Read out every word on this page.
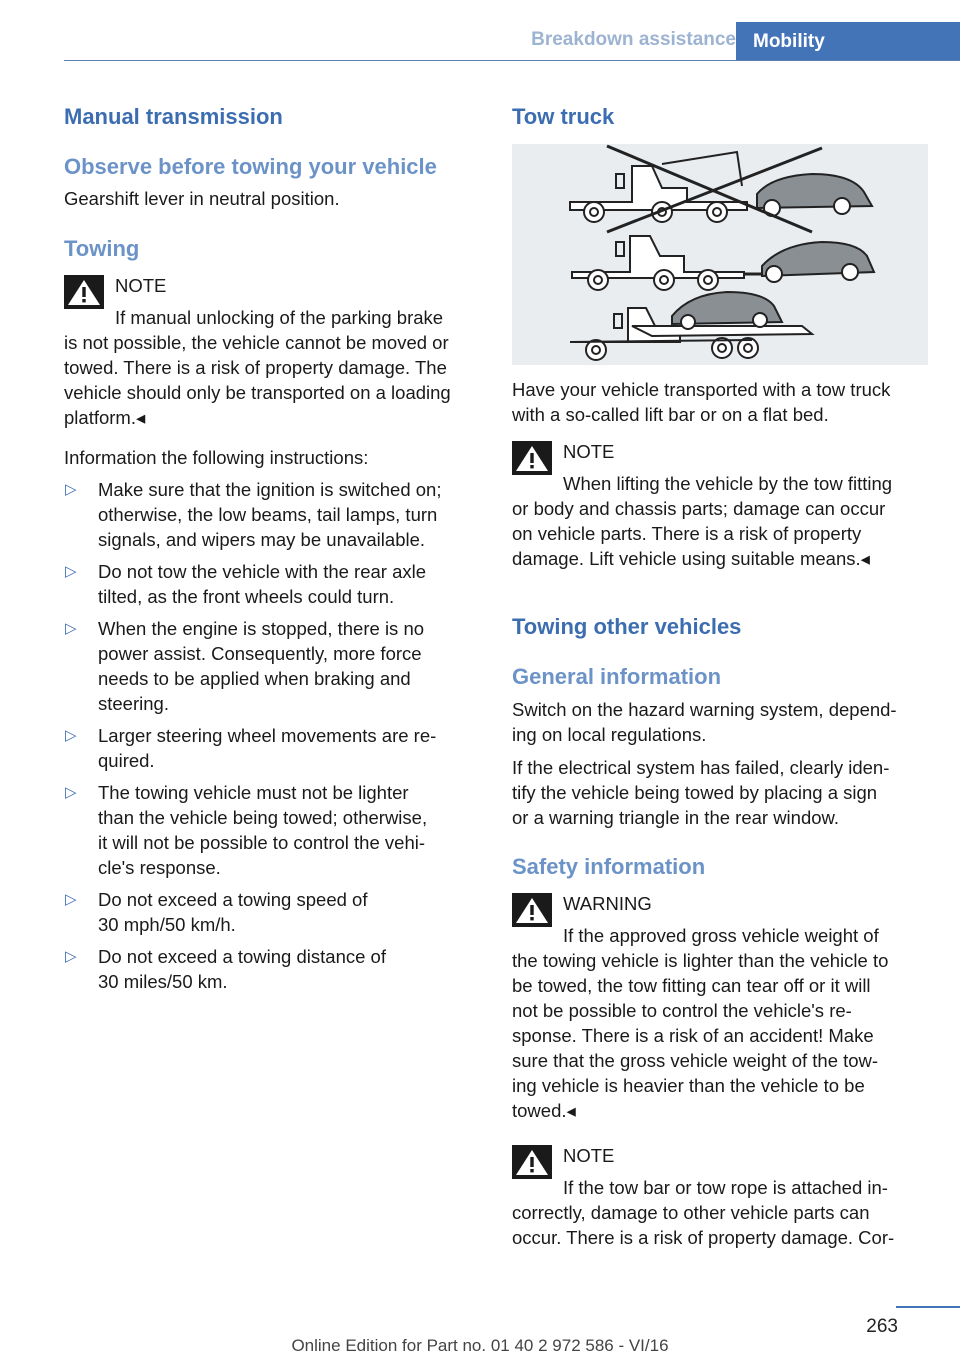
Breakdown assistance Mobility
Manual transmission
Observe before towing your vehicle

Gearshift lever in neutral position.

Towing
NOTE

If manual unlocking of the parking brake

is not possible, the vehicle cannot be moved or

towed. There is a risk of property damage. The

vehicle should only be transported on a loading

platform.◂

Information the following instructions:

▷ Make sure that the ignition is switched on;
otherwise, the low beams, tail lamps, turn
signals, and wipers may be unavailable.
▷ Do not tow the vehicle with the rear axle
tilted, as the front wheels could turn.
▷ When the engine is stopped, there is no
power assist. Consequently, more force
needs to be applied when braking and
steering.
▷ Larger steering wheel movements are re-
quired.
▷ The towing vehicle must not be lighter
than the vehicle being towed; otherwise,
it will not be possible to control the vehi-
cle's response.
▷ Do not exceed a towing speed of
30 mph/50 km/h.
▷ Do not exceed a towing distance of
30 miles/50 km.
Tow truck

Have your vehicle transported with a tow truck

with a so-called lift bar or on a flat bed.

NOTE

When lifting the vehicle by the tow fitting

or body and chassis parts; damage can occur

on vehicle parts. There is a risk of property

damage. Lift vehicle using suitable means.◂

Towing other vehicles
General information

Switch on the hazard warning system, depend-

ing on local regulations.

If the electrical system has failed, clearly iden-

tify the vehicle being towed by placing a sign

or a warning triangle in the rear window.

Safety information
WARNING

If the approved gross vehicle weight of

the towing vehicle is lighter than the vehicle to

be towed, the tow fitting can tear off or it will

not be possible to control the vehicle's re-

sponse. There is a risk of an accident! Make

sure that the gross vehicle weight of the tow-

ing vehicle is heavier than the vehicle to be

towed.◂

NOTE

If the tow bar or tow rope is attached in-

correctly, damage to other vehicle parts can

occur. There is a risk of property damage. Cor-

263
Online Edition for Part no. 01 40 2 972 586 - VI/16
